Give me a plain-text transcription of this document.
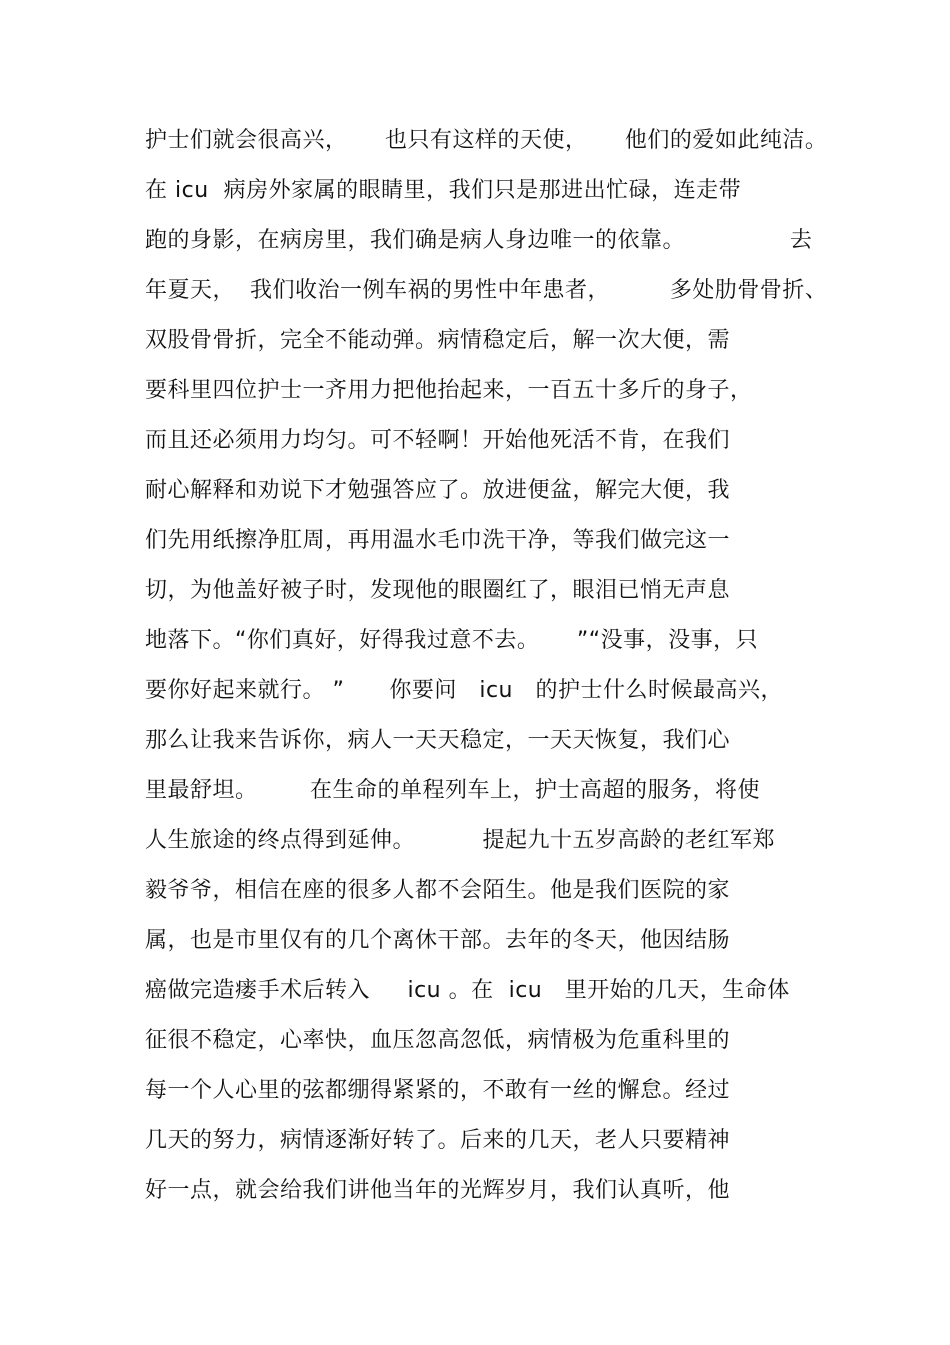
护士们就会很高兴，     也只有这样的天使，     他们的爱如此纯洁。
在 icu  病房外家属的眼睛里，我们只是那进出忙碌，连走带
跑的身影，在病房里，我们确是病人身边唯一的依靠。              去
年夏天，  我们收治一例车祸的男性中年患者，        多处肋骨骨折、
双股骨骨折，完全不能动弹。病情稳定后，解一次大便，需
要科里四位护士一齐用力把他抬起来，一百五十多斤的身子，
而且还必须用力均匀。可不轻啊！开始他死活不肯，在我们
耐心解释和劝说下才勉强答应了。放进便盆，解完大便，我
们先用纸擦净肛周，再用温水毛巾洗干净，等我们做完这一
切，为他盖好被子时，发现他的眼圈红了，眼泪已悄无声息
地落下。“你们真好，好得我过意不去。     ”“没事，没事，只
要你好起来就行。 ”      你要问   icu   的护士什么时候最高兴，
那么让我来告诉你，病人一天天稳定，一天天恢复，我们心
里最舒坦。       在生命的单程列车上，护士高超的服务，将使
人生旅途的终点得到延伸。         提起九十五岁高龄的老红军郑
毅爷爷，相信在座的很多人都不会陌生。他是我们医院的家
属，也是市里仅有的几个离休干部。去年的冬天，他因结肠
癌做完造瘘手术后转入     icu 。在  icu   里开始的几天，生命体
征很不稳定，心率快，血压忽高忽低，病情极为危重科里的
每一个人心里的弦都绷得紧紧的，不敢有一丝的懈怠。经过
几天的努力，病情逐渐好转了。后来的几天，老人只要精神
好一点，就会给我们讲他当年的光辉岁月，我们认真听，他
